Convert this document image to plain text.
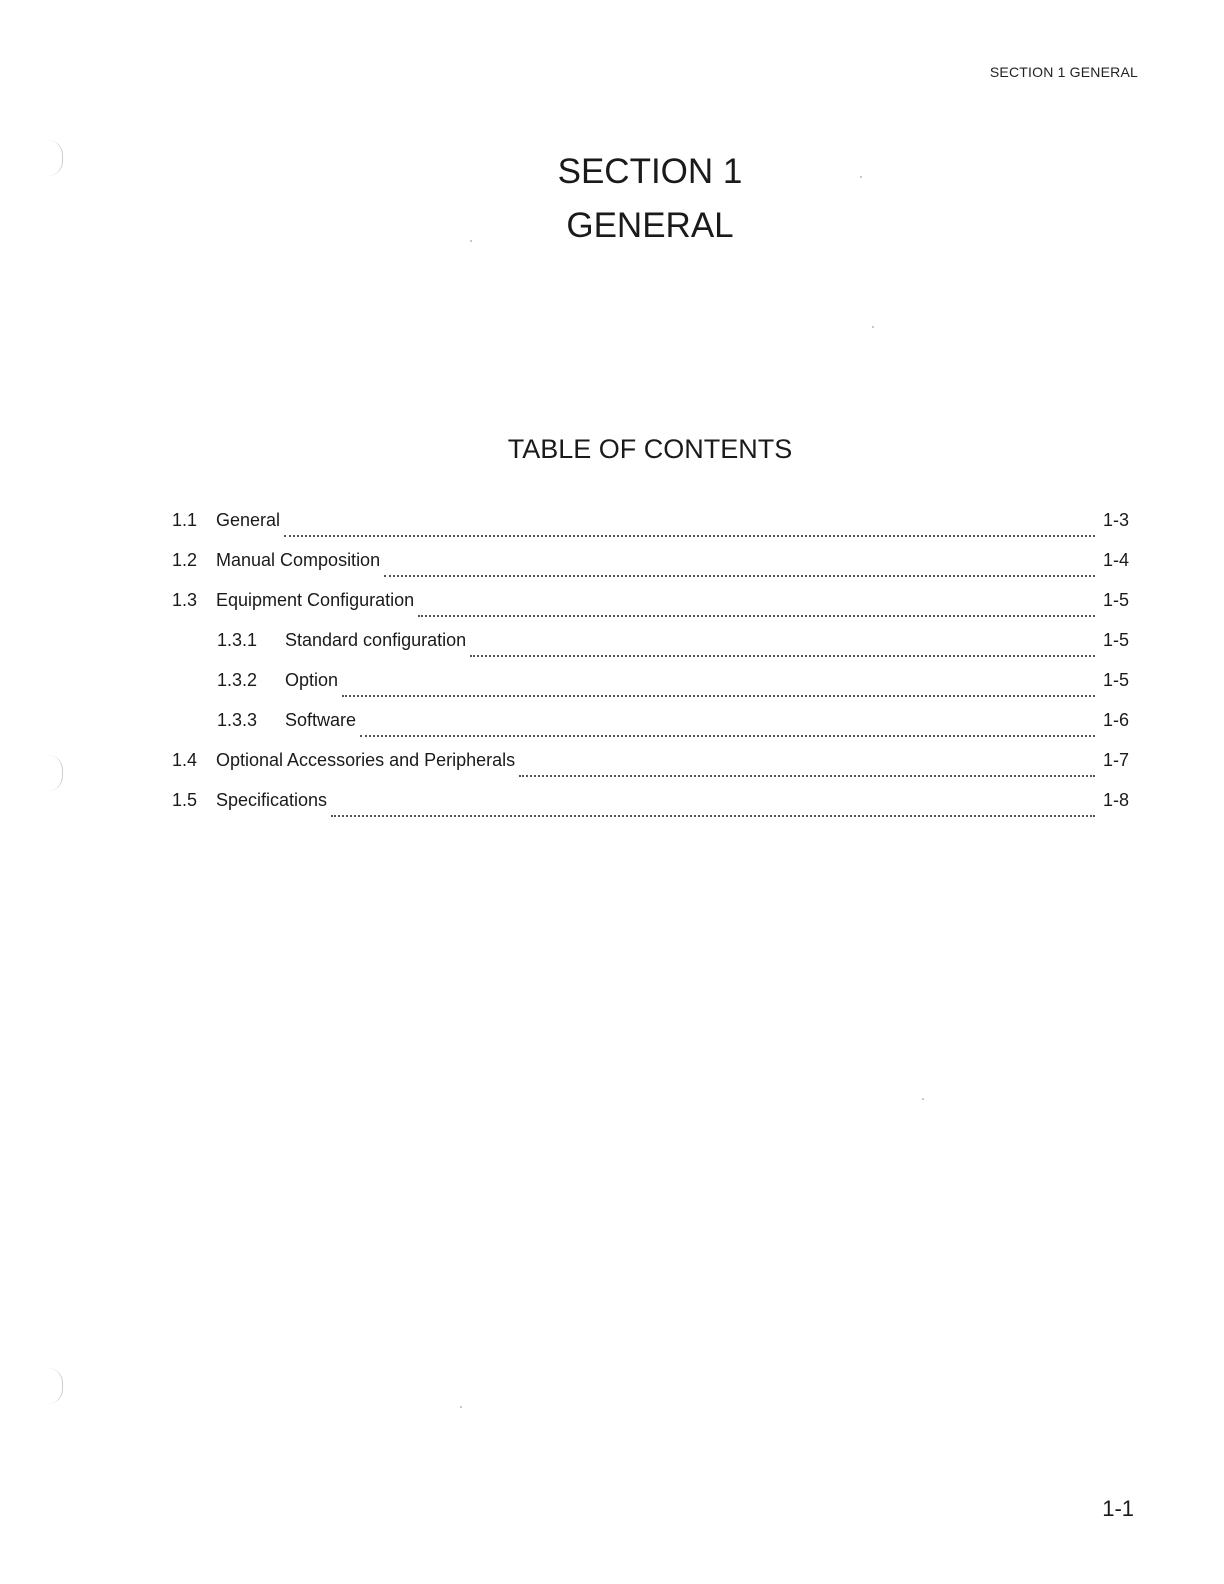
SECTION 1 GENERAL
SECTION 1
GENERAL
TABLE OF CONTENTS
1.1	General	1-3
1.2	Manual Composition	1-4
1.3	Equipment Configuration	1-5
1.3.1	Standard configuration	1-5
1.3.2	Option	1-5
1.3.3	Software	1-6
1.4	Optional Accessories and Peripherals	1-7
1.5	Specifications	1-8
1-1
